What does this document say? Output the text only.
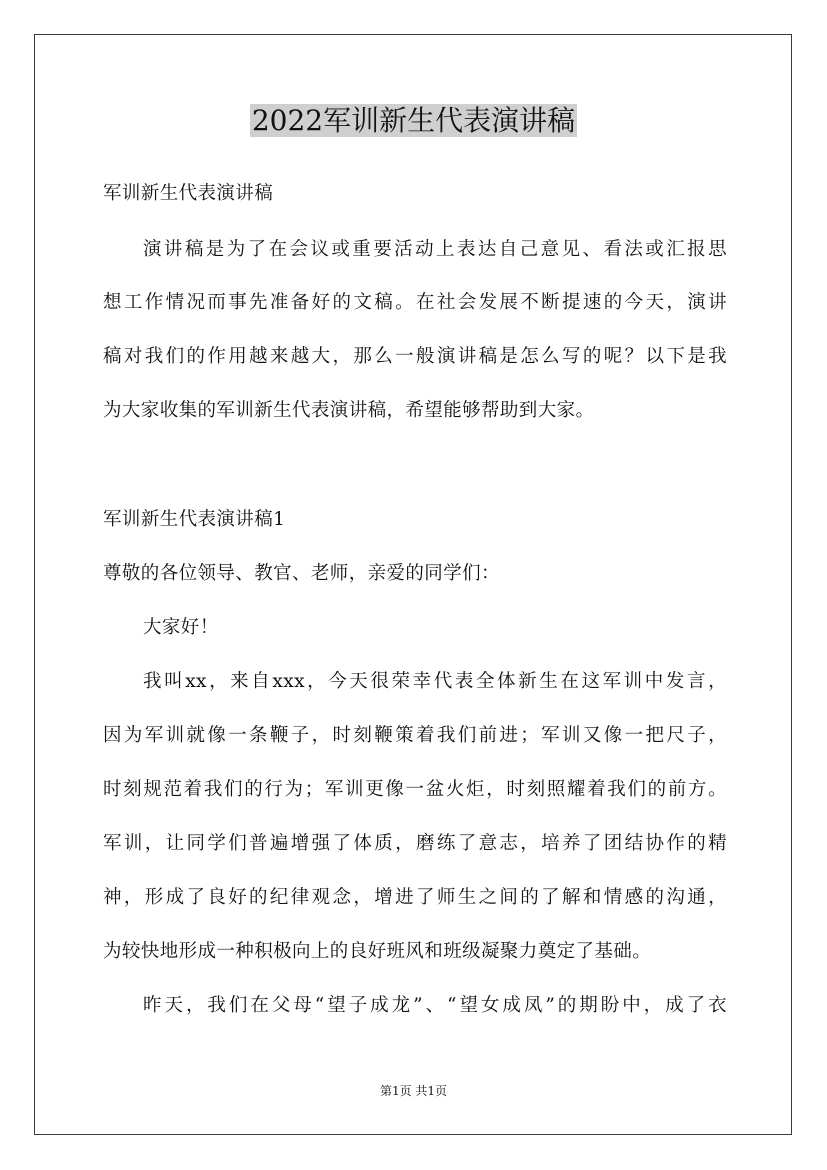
2022军训新生代表演讲稿
军训新生代表演讲稿
演讲稿是为了在会议或重要活动上表达自己意见、看法或汇报思
想工作情况而事先准备好的文稿。在社会发展不断提速的今天，演讲
稿对我们的作用越来越大，那么一般演讲稿是怎么写的呢？以下是我
为大家收集的军训新生代表演讲稿，希望能够帮助到大家。
军训新生代表演讲稿1
尊敬的各位领导、教官、老师，亲爱的同学们：
大家好！
我叫xx，来自xxx，今天很荣幸代表全体新生在这军训中发言，
因为军训就像一条鞭子，时刻鞭策着我们前进；军训又像一把尺子，
时刻规范着我们的行为；军训更像一盆火炬，时刻照耀着我们的前方。
军训，让同学们普遍增强了体质，磨练了意志，培养了团结协作的精
神，形成了良好的纪律观念，增进了师生之间的了解和情感的沟通，
为较快地形成一种积极向上的良好班风和班级凝聚力奠定了基础。
昨天，我们在父母“望子成龙”、“望女成凤”的期盼中，成了衣
第1页 共1页
